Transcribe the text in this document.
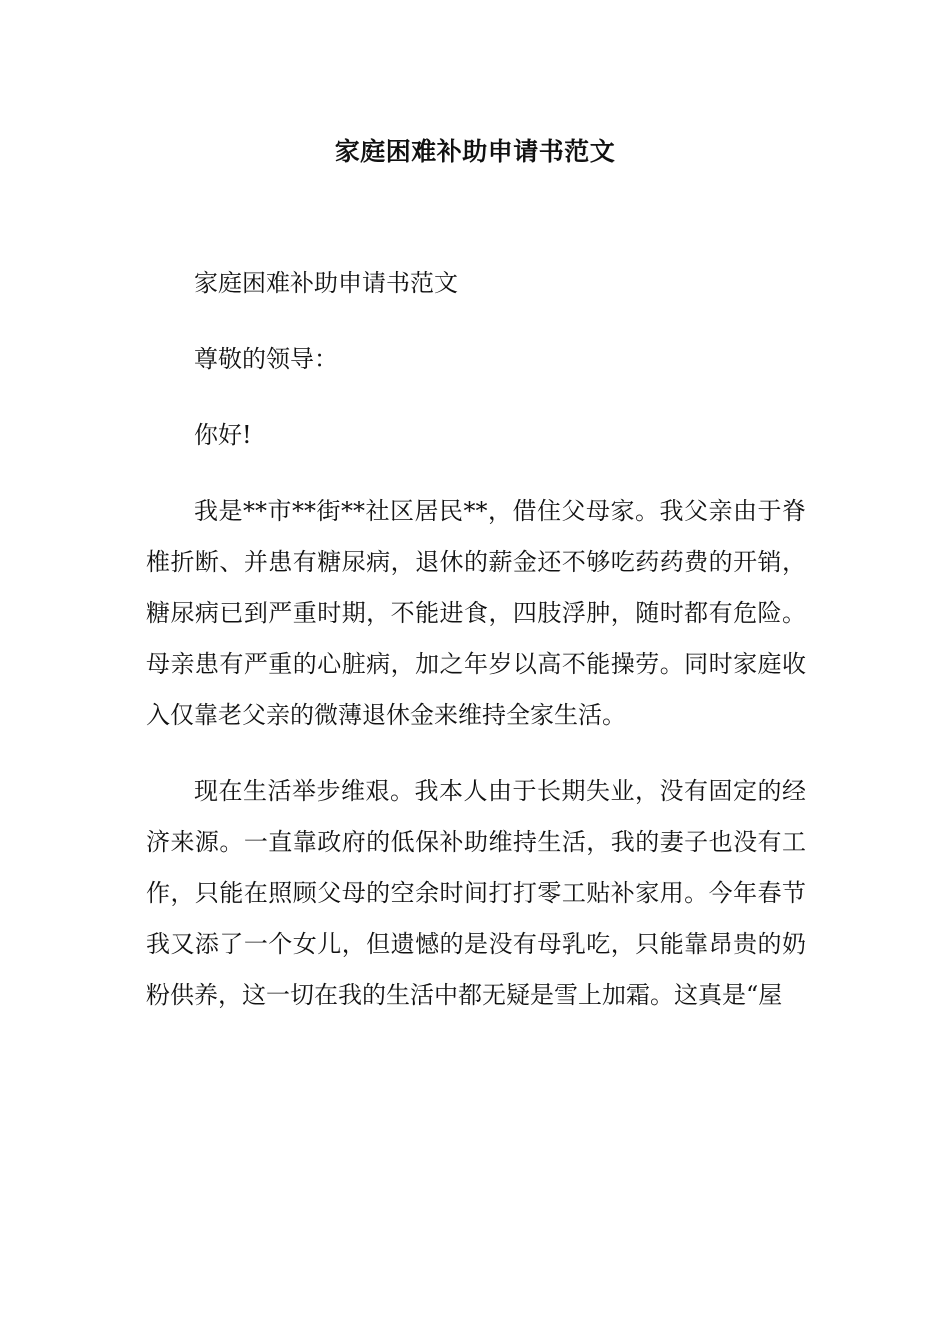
家庭困难补助申请书范文

家庭困难补助申请书范文

尊敬的领导：

你好!

我是**市**街**社区居民**，借住父母家。我父亲由于脊椎折断、并患有糖尿病，退休的薪金还不够吃药药费的开销，糖尿病已到严重时期，不能进食，四肢浮肿，随时都有危险。母亲患有严重的心脏病，加之年岁以高不能操劳。同时家庭收入仅靠老父亲的微薄退休金来维持全家生活。

现在生活举步维艰。我本人由于长期失业，没有固定的经济来源。一直靠政府的低保补助维持生活，我的妻子也没有工作，只能在照顾父母的空余时间打打零工贴补家用。今年春节我又添了一个女儿，但遗憾的是没有母乳吃，只能靠昂贵的奶粉供养，这一切在我的生活中都无疑是雪上加霜。这真是“屋
